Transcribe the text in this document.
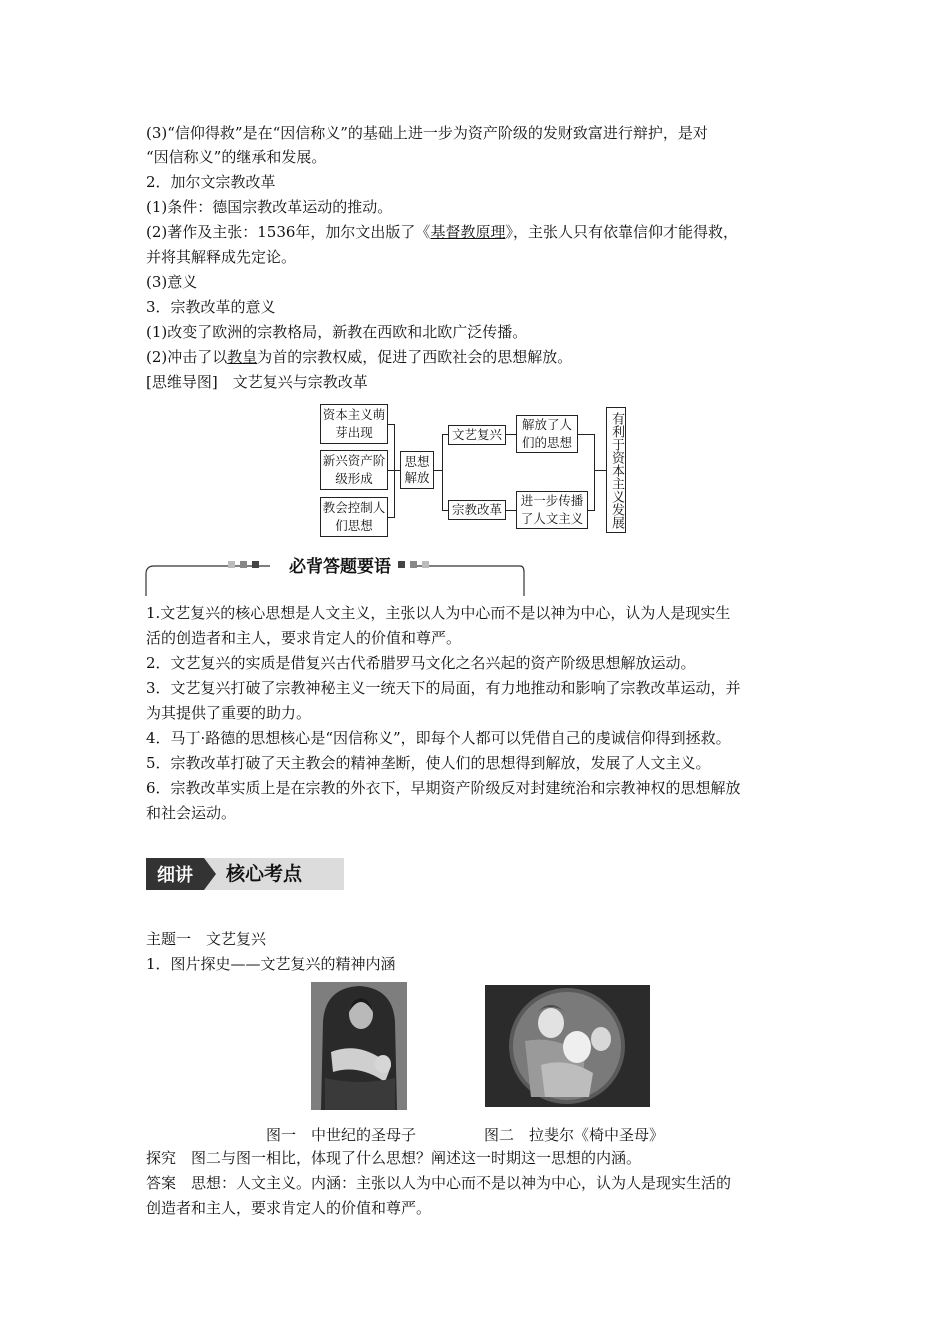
(3)“信仰得救”是在“因信称义”的基础上进一步为资产阶级的发财致富进行辩护，是对
“因信称义”的继承和发展。
2．加尔文宗教改革
(1)条件：德国宗教改革运动的推动。
(2)著作及主张：1536年，加尔文出版了《基督教原理》，主张人只有依靠信仰才能得救，
并将其解释成先定论。
(3)意义
3．宗教改革的意义
(1)改变了欧洲的宗教格局，新教在西欧和北欧广泛传播。
(2)冲击了以教皇为首的宗教权威，促进了西欧社会的思想解放。
[思维导图]　文艺复兴与宗教改革
资本主义萌芽出现
新兴资产阶级形成
教会控制人们思想
思想解放
文艺复兴
宗教改革
解放了人们的思想
进一步传播了人文主义	有利于资本主义发展
必背答题要语
1.文艺复兴的核心思想是人文主义，主张以人为中心而不是以神为中心，认为人是现实生
活的创造者和主人，要求肯定人的价值和尊严。
2．文艺复兴的实质是借复兴古代希腊罗马文化之名兴起的资产阶级思想解放运动。
3．文艺复兴打破了宗教神秘主义一统天下的局面，有力地推动和影响了宗教改革运动，并
为其提供了重要的助力。
4．马丁·路德的思想核心是“因信称义”，即每个人都可以凭借自己的虔诚信仰得到拯救。
5．宗教改革打破了天主教会的精神垄断，使人们的思想得到解放，发展了人文主义。
6．宗教改革实质上是在宗教的外衣下，早期资产阶级反对封建统治和宗教神权的思想解放
和社会运动。
细讲	核心考点
主题一　文艺复兴
1．图片探史——文艺复兴的精神内涵
图一　中世纪的圣母子	图二　拉斐尔《椅中圣母》
探究　图二与图一相比，体现了什么思想？阐述这一时期这一思想的内涵。
答案　思想：人文主义。内涵：主张以人为中心而不是以神为中心，认为人是现实生活的
创造者和主人，要求肯定人的价值和尊严。
